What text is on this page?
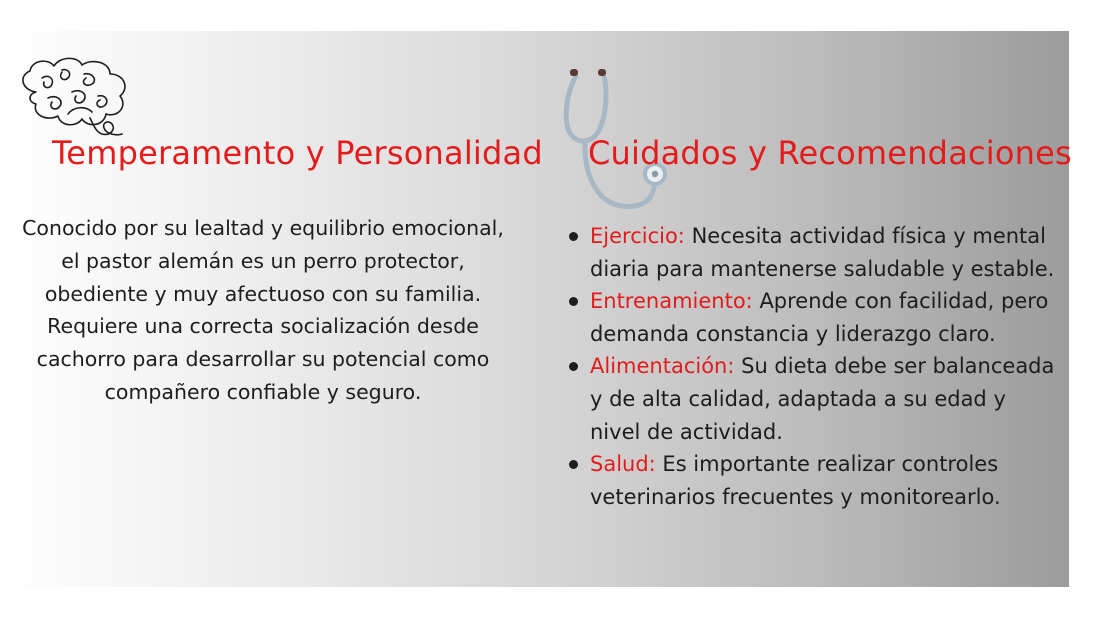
Temperamento y Personalidad Cuidados y Recomendaciones

Conocido por su lealtad y equilibrio emocional, el pastor alemán es un perro protector, obediente y muy afectuoso con su familia. Requiere una correcta socialización desde cachorro para desarrollar su potencial como compañero confiable y seguro.

Ejercicio: Necesita actividad física y mental diaria para mantenerse saludable y estable.
Entrenamiento: Aprende con facilidad, pero demanda constancia y liderazgo claro.
Alimentación: Su dieta debe ser balanceada y de alta calidad, adaptada a su edad y nivel de actividad.
Salud: Es importante realizar controles veterinarios frecuentes y monitorearlo.
